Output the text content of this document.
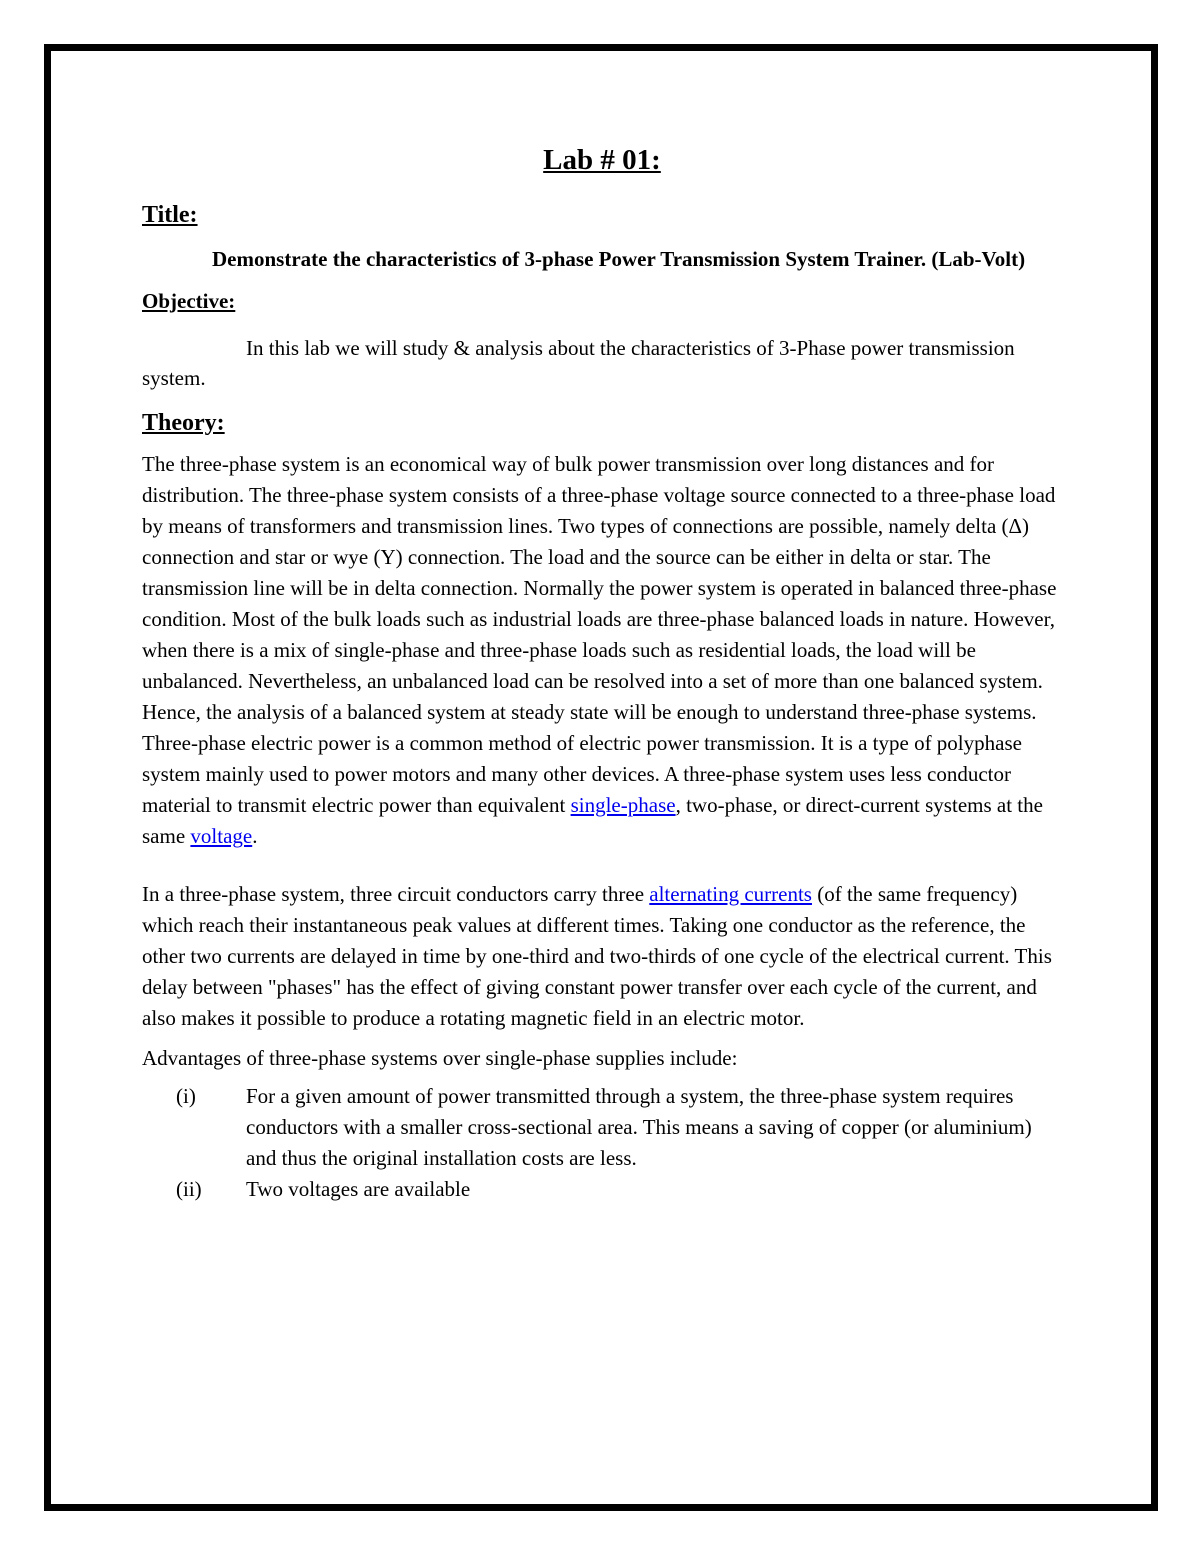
Lab # 01:
Title:

Demonstrate the characteristics of 3-phase Power Transmission System Trainer. (Lab-Volt)

Objective:

In this lab we will study & analysis about the characteristics of 3-Phase power transmission system.

Theory:

The three-phase system is an economical way of bulk power transmission over long distances and for distribution. The three-phase system consists of a three-phase voltage source connected to a three-phase load by means of transformers and transmission lines. Two types of connections are possible, namely delta (Δ) connection and star or wye (Y) connection. The load and the source can be either in delta or star. The transmission line will be in delta connection. Normally the power system is operated in balanced three-phase condition. Most of the bulk loads such as industrial loads are three-phase balanced loads in nature. However, when there is a mix of single-phase and three-phase loads such as residential loads, the load will be unbalanced. Nevertheless, an unbalanced load can be resolved into a set of more than one balanced system. Hence, the analysis of a balanced system at steady state will be enough to understand three-phase systems. Three-phase electric power is a common method of electric power transmission. It is a type of polyphase system mainly used to power motors and many other devices. A three-phase system uses less conductor material to transmit electric power than equivalent single-phase, two-phase, or direct-current systems at the same voltage.

In a three-phase system, three circuit conductors carry three alternating currents (of the same frequency) which reach their instantaneous peak values at different times. Taking one conductor as the reference, the other two currents are delayed in time by one-third and two-thirds of one cycle of the electrical current. This delay between "phases" has the effect of giving constant power transfer over each cycle of the current, and also makes it possible to produce a rotating magnetic field in an electric motor.

Advantages of three-phase systems over single-phase supplies include:

(i)	For a given amount of power transmitted through a system, the three-phase system requires conductors with a smaller cross-sectional area. This means a saving of copper (or aluminium) and thus the original installation costs are less.
(ii)	Two voltages are available
